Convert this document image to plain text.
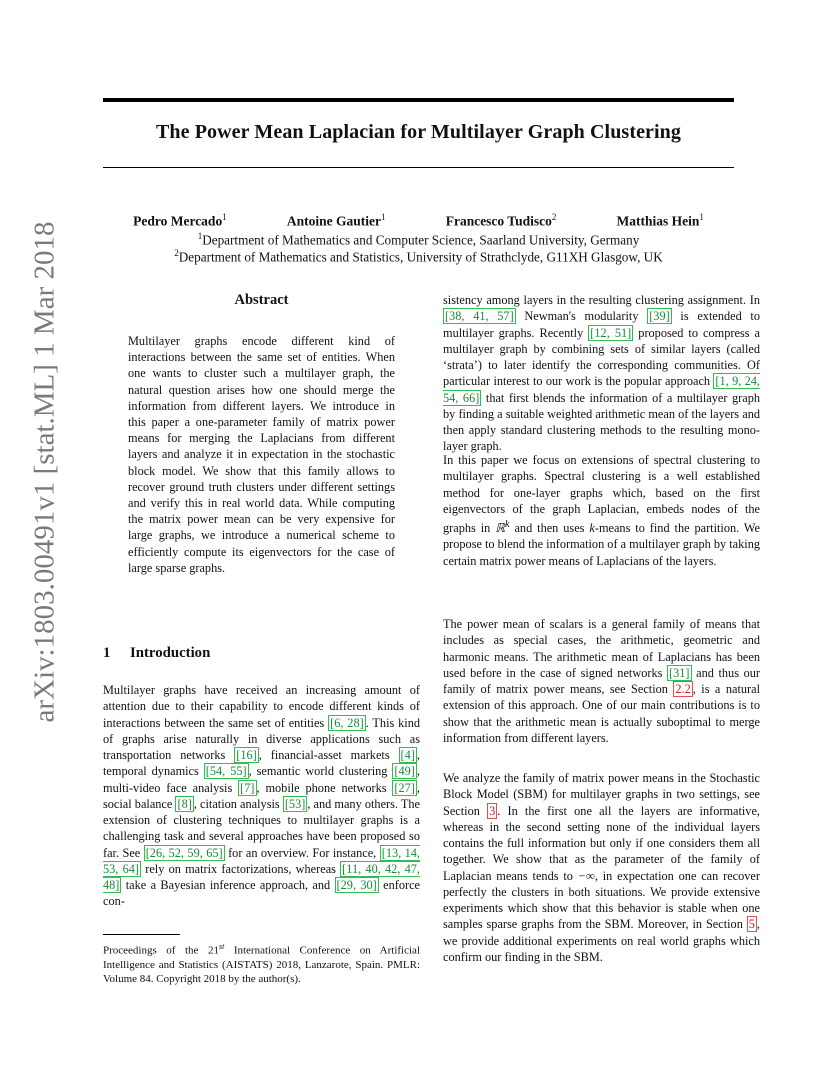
The Power Mean Laplacian for Multilayer Graph Clustering
arXiv:1803.00491v1 [stat.ML] 1 Mar 2018
Pedro Mercado$^1$	Antoine Gautier$^1$	Francesco Tudisco$^2$	Matthias Hein$^1$
$^1$Department of Mathematics and Computer Science, Saarland University, Germany
$^2$Department of Mathematics and Statistics, University of Strathclyde, G11XH Glasgow, UK
Abstract
Multilayer graphs encode different kind of interactions between the same set of entities. When one wants to cluster such a multilayer graph, the natural question arises how one should merge the information from different layers. We introduce in this paper a one-parameter family of matrix power means for merging the Laplacians from different layers and analyze it in expectation in the stochastic block model. We show that this family allows to recover ground truth clusters under different settings and verify this in real world data. While computing the matrix power mean can be very expensive for large graphs, we introduce a numerical scheme to efficiently compute its eigenvectors for the case of large sparse graphs.
1 Introduction
Multilayer graphs have received an increasing amount of attention due to their capability to encode different kinds of interactions between the same set of entities [ 6, 28 ] . This kind of graphs arise naturally in diverse applications such as transportation networks [ 16 ] , financial-asset markets [ 4 ] , temporal dynamics [ 54, 55 ] , semantic world clustering [ 49 ] , multi-video face analysis [ 7 ] , mobile phone networks [ 27 ] , social balance [ 8 ] , citation analysis [ 53 ] , and many others. The extension of clustering techniques to multilayer graphs is a challenging task and several approaches have been proposed so far. See [ 26, 52, 59, 65 ] for an overview. For instance, [ 13, 14, 53, 64 ] rely on matrix factorizations, whereas [ 11, 40, 42, 47, 48 ] take a Bayesian inference approach, and [ 29, 30 ] enforce con-
Proceedings of the 21st International Conference on Artificial Intelligence and Statistics (AISTATS) 2018, Lanzarote, Spain. PMLR: Volume 84. Copyright 2018 by the author(s).

sistency among layers in the resulting clustering assignment. In [ 38, 41, 57 ] Newman's modularity [ 39 ] is extended to multilayer graphs. Recently [ 12, 51 ] proposed to compress a multilayer graph by combining sets of similar layers (called ‘strata’) to later identify the corresponding communities. Of particular interest to our work is the popular approach [ 1, 9, 24, 54, 66 ] that first blends the information of a multilayer graph by finding a suitable weighted arithmetic mean of the layers and then apply standard clustering methods to the resulting mono-layer graph.

In this paper we focus on extensions of spectral clustering to multilayer graphs. Spectral clustering is a well established method for one-layer graphs which, based on the first eigenvectors of the graph Laplacian, embeds nodes of the graphs in ℝ$^k$ and then uses k-means to find the partition. We propose to blend the information of a multilayer graph by taking certain matrix power means of Laplacians of the layers.

The power mean of scalars is a general family of means that includes as special cases, the arithmetic, geometric and harmonic means. The arithmetic mean of Laplacians has been used before in the case of signed networks [ 31 ] and thus our family of matrix power means, see Section 2.2 , is a natural extension of this approach. One of our main contributions is to show that the arithmetic mean is actually suboptimal to merge information from different layers.

We analyze the family of matrix power means in the Stochastic Block Model (SBM) for multilayer graphs in two settings, see Section 3 . In the first one all the layers are informative, whereas in the second setting none of the individual layers contains the full information but only if one considers them all together. We show that as the parameter of the family of Laplacian means tends to −∞, in expectation one can recover perfectly the clusters in both situations. We provide extensive experiments which show that this behavior is stable when one samples sparse graphs from the SBM. Moreover, in Section 5 , we provide additional experiments on real world graphs which confirm our finding in the SBM.
